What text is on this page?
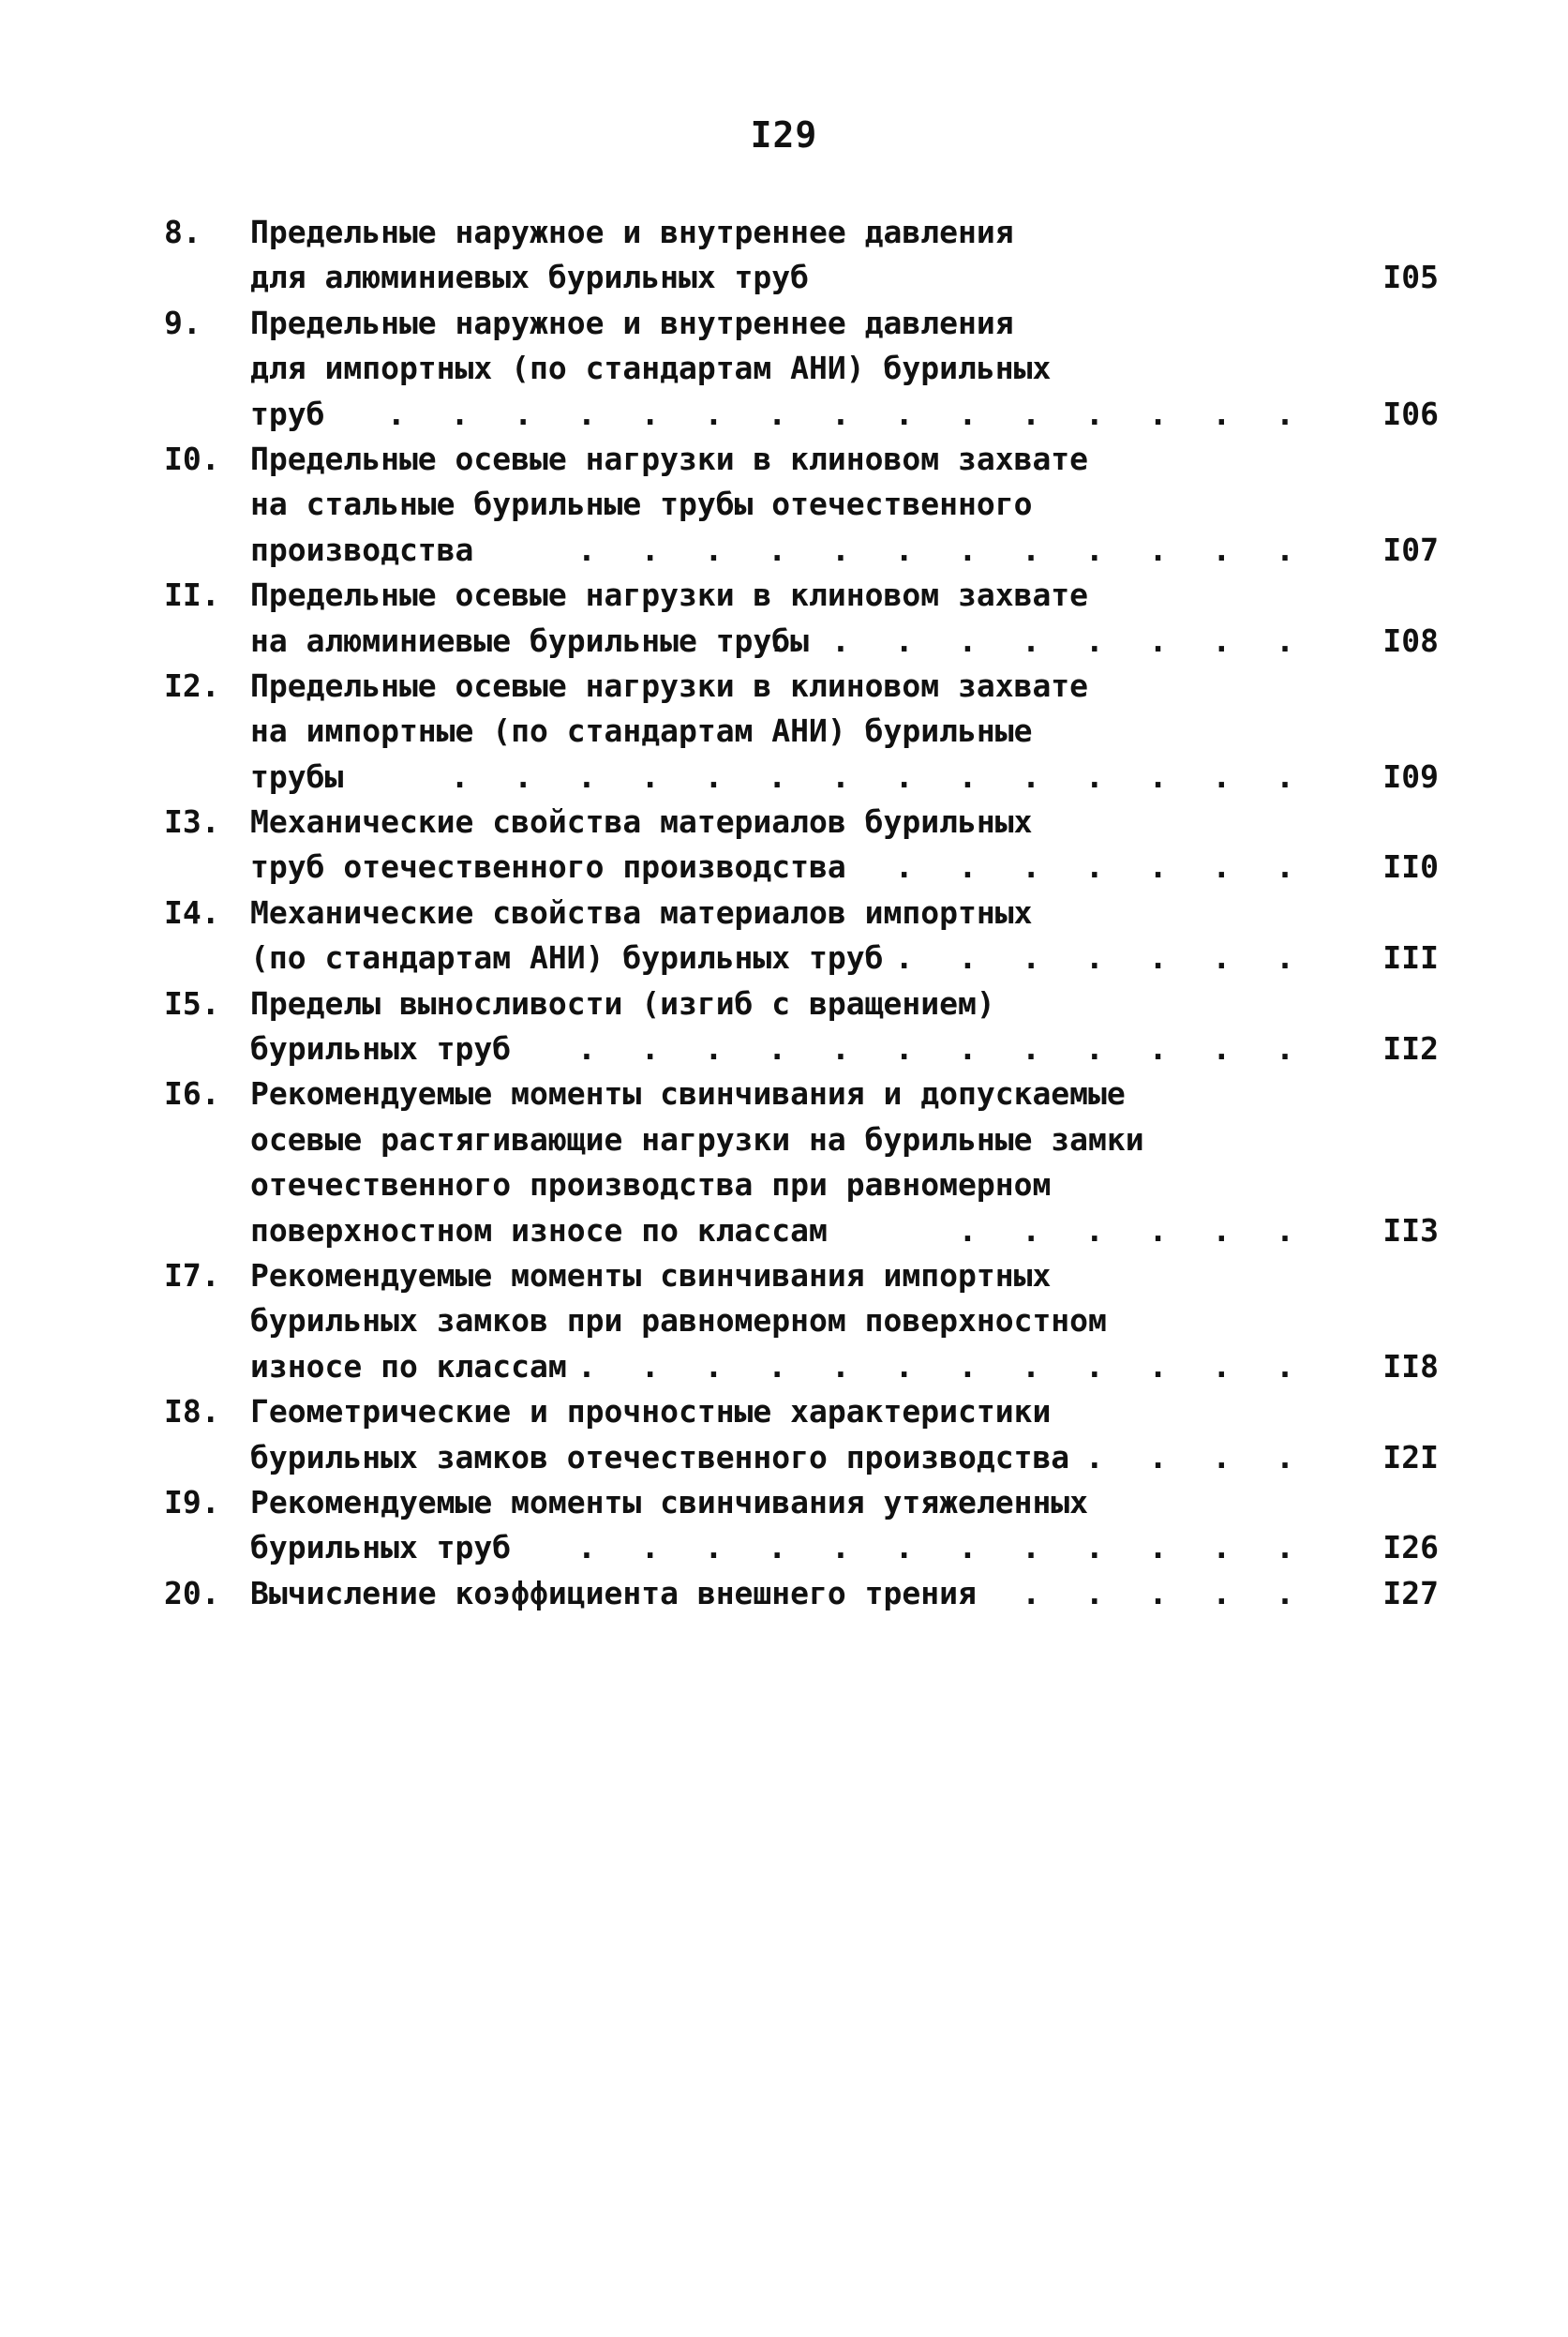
I29
8.	Предельные наружное и внутреннее давления
для алюминиевых бурильных труб	I05
9.	Предельные наружное и внутреннее давления
для импортных (по стандартам АНИ) бурильных
труб . . . . . . . . . . . . . . .	I06
I0. Предельные осевые нагрузки в клиновом захвате
на стальные бурильные трубы отечественного
производства	. . . . . . . . . . . .	I07
II. Предельные осевые нагрузки в клиновом захвате
на алюминиевые бурильные трубы
. . . . . . . . .	I08
I2. Предельные осевые нагрузки в клиновом захвате
на импортные (по стандартам АНИ) бурильные
трубы	. . . . . . . . . . . . . .	I09
I3. Механические свойства материалов бурильных
труб отечественного производства . . . . . . .	II0
I4. Механические свойства материалов импортных
(по стандартам АНИ) бурильных труб . . . . . . .	III
I5. Пределы выносливости (изгиб с вращением)
бурильных труб . . . . . . . . . . . .	II2
I6. Рекомендуемые моменты свинчивания и допускаемые
осевые растягивающие нагрузки на бурильные замки
отечественного производства при равномерном
поверхностном износе по классам	. . . . . .	II3
I7. Рекомендуемые моменты свинчивания импортных
бурильных замков при равномерном поверхностном
износе по классам . . . . . . . . . . . .	II8
I8. Геометрические и прочностные характеристики
бурильных замков отечественного производства . . . .	I2I
I9. Рекомендуемые моменты свинчивания утяжеленных
бурильных труб . . . . . . . . . . . .	I26
20. Вычисление коэффициента внешнего трения . . . . .	I27
